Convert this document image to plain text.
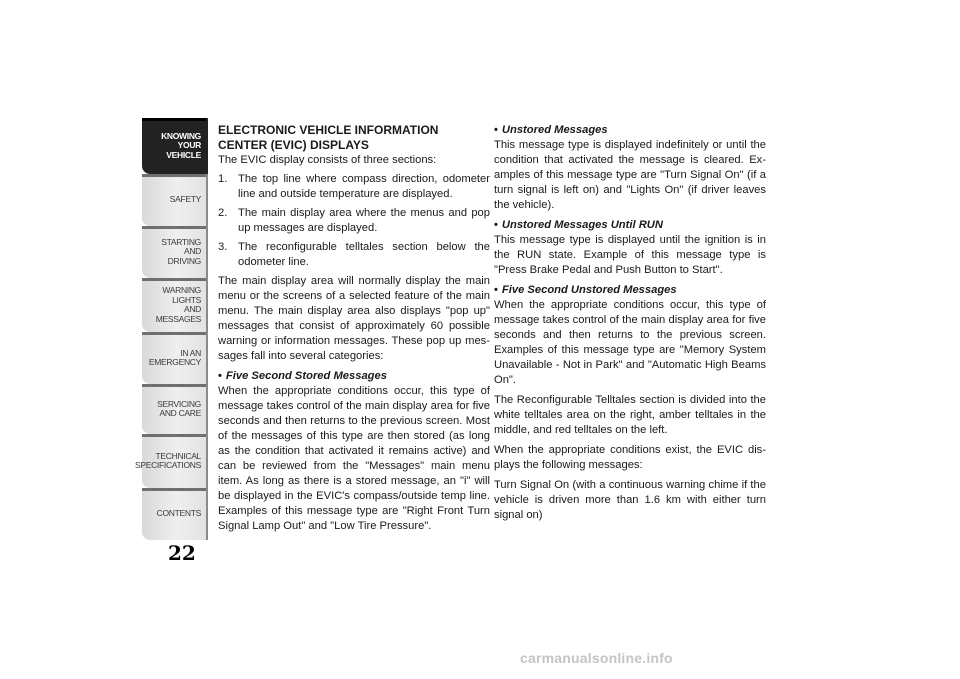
KNOWING
YOUR
VEHICLE
SAFETY
STARTING
AND
DRIVING
WARNING
LIGHTS
AND
MESSAGES
IN AN
EMERGENCY
SERVICING
AND CARE
TECHNICAL
SPECIFICATIONS
CONTENTS
22
ELECTRONIC VEHICLE INFORMATION
CENTER (EVIC) DISPLAYS

The EVIC display consists of three sections:

1. The top line where compass direction, odometer line and outside temperature are displayed.
2. The main display area where the menus and pop up messages are displayed.
3. The reconfigurable telltales section below the odometer line.

The main display area will normally display the main menu or the screens of a selected feature of the main menu. The main display area also displays "pop up" messages that consist of approximately 60 possible warning or information messages. These pop up mes-sages fall into several categories:

• Five Second Stored Messages

When the appropriate conditions occur, this type of message takes control of the main display area for five seconds and then returns to the previous screen. Most of the messages of this type are then stored (as long as the condition that activated it remains active) and can be reviewed from the "Messages" main menu item. As long as there is a stored message, an "i" will be displayed in the EVIC's compass/outside temp line. Examples of this message type are "Right Front Turn Signal Lamp Out" and "Low Tire Pressure".

• Unstored Messages

This message type is displayed indefinitely or until the condition that activated the message is cleared. Ex-amples of this message type are "Turn Signal On" (if a turn signal is left on) and "Lights On" (if driver leaves the vehicle).

• Unstored Messages Until RUN

This message type is displayed until the ignition is in the RUN state. Example of this message type is "Press Brake Pedal and Push Button to Start".

• Five Second Unstored Messages

When the appropriate conditions occur, this type of message takes control of the main display area for five seconds and then returns to the previous screen. Examples of this message type are "Memory System Unavailable - Not in Park" and "Automatic High Beams On".

The Reconfigurable Telltales section is divided into the white telltales area on the right, amber telltales in the middle, and red telltales on the left.

When the appropriate conditions exist, the EVIC dis-plays the following messages:

Turn Signal On (with a continuous warning chime if the vehicle is driven more than 1.6 km with either turn signal on)

carmanualsonline.info
